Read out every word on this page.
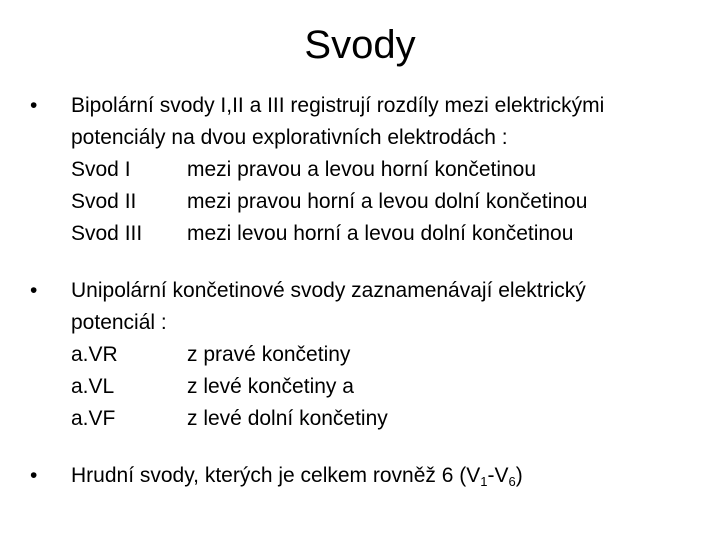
Svody
•	Bipolární svody I,II a III registrují rozdíly mezi elektrickými
potenciály na dvou explorativních elektrodách :
Svod I	mezi pravou a levou horní končetinou
Svod II	mezi pravou horní a levou dolní končetinou
Svod III	mezi levou horní a levou dolní končetinou
•	Unipolární končetinové svody zaznamenávají elektrický
potenciál :
a.VR	z pravé končetiny
a.VL	z levé končetiny a
a.VF	z levé dolní končetiny
•	Hrudní svody, kterých je celkem rovněž 6 $(V_1-V_6)$
